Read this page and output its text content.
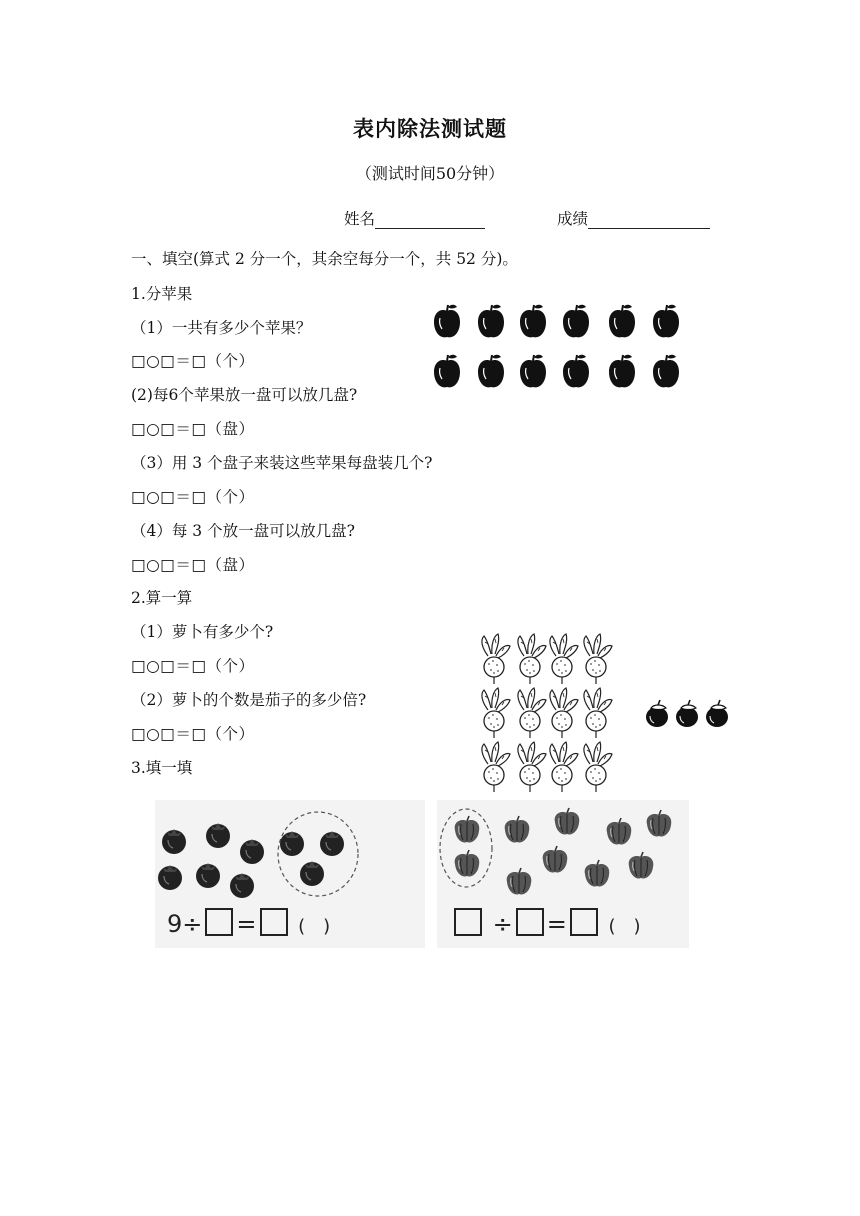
表内除法测试题
（测试时间50分钟）
姓名	成绩
一、填空(算式 2 分一个，其余空每分一个，共 52 分)。
1.分苹果
（1）一共有多少个苹果？
□○□＝□（个）
(2)每6个苹果放一盘可以放几盘?
□○□＝□（盘）
（3）用 3 个盘子来装这些苹果每盘装几个?
□○□＝□（个）
（4）每 3 个放一盘可以放几盘?
□○□＝□（盘）
2.算一算
（1）萝卜有多少个?
□○□＝□（个）
（2）萝卜的个数是茄子的多少倍?
□○□＝□（个）
3.填一填
9÷ = (　)	÷ = (　)
